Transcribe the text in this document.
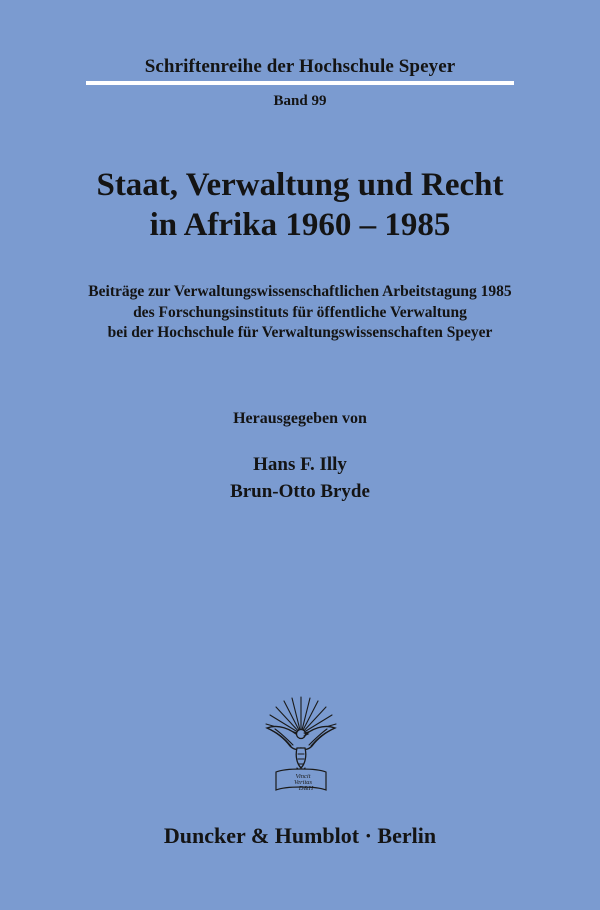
Schriftenreihe der Hochschule Speyer
Band 99
Staat, Verwaltung und Recht
in Afrika 1960 – 1985
Beiträge zur Verwaltungswissenschaftlichen Arbeitstagung 1985
des Forschungsinstituts für öffentliche Verwaltung
bei der Hochschule für Verwaltungswissenschaften Speyer
Herausgegeben von
Hans F. Illy
Brun-Otto Bryde
Vincit
Veritas
D&H
Duncker & Humblot · Berlin
